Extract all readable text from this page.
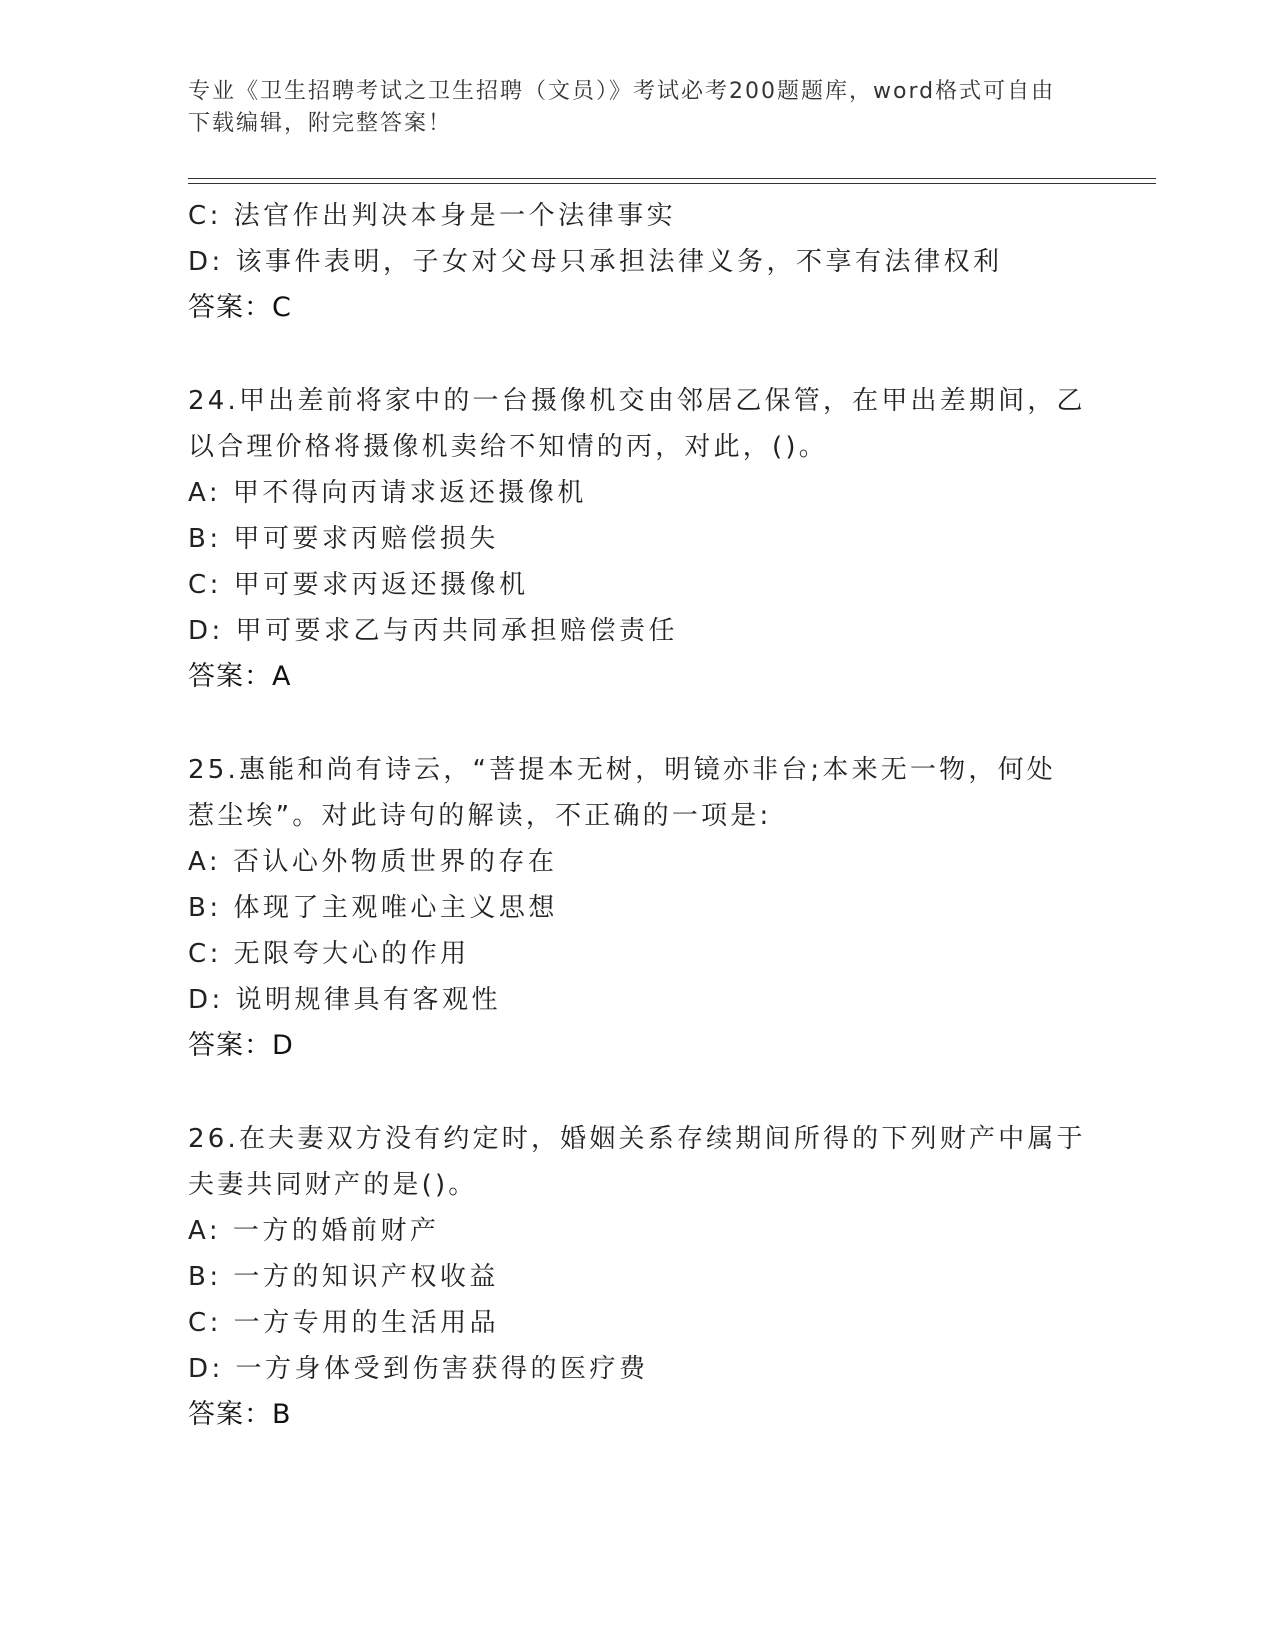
专业《卫生招聘考试之卫生招聘（文员）》考试必考200题题库，word格式可自由下载编辑，附完整答案！
C: 法官作出判决本身是一个法律事实
D: 该事件表明，子女对父母只承担法律义务，不享有法律权利
答案：C
24.甲出差前将家中的一台摄像机交由邻居乙保管，在甲出差期间，乙
以合理价格将摄像机卖给不知情的丙，对此，()。
A: 甲不得向丙请求返还摄像机
B: 甲可要求丙赔偿损失
C: 甲可要求丙返还摄像机
D: 甲可要求乙与丙共同承担赔偿责任
答案：A
25.惠能和尚有诗云，“菩提本无树，明镜亦非台;本来无一物，何处
惹尘埃”。对此诗句的解读，不正确的一项是:
A: 否认心外物质世界的存在
B: 体现了主观唯心主义思想
C: 无限夸大心的作用
D: 说明规律具有客观性
答案：D
26.在夫妻双方没有约定时，婚姻关系存续期间所得的下列财产中属于
夫妻共同财产的是()。
A: 一方的婚前财产
B: 一方的知识产权收益
C: 一方专用的生活用品
D: 一方身体受到伤害获得的医疗费
答案：B
